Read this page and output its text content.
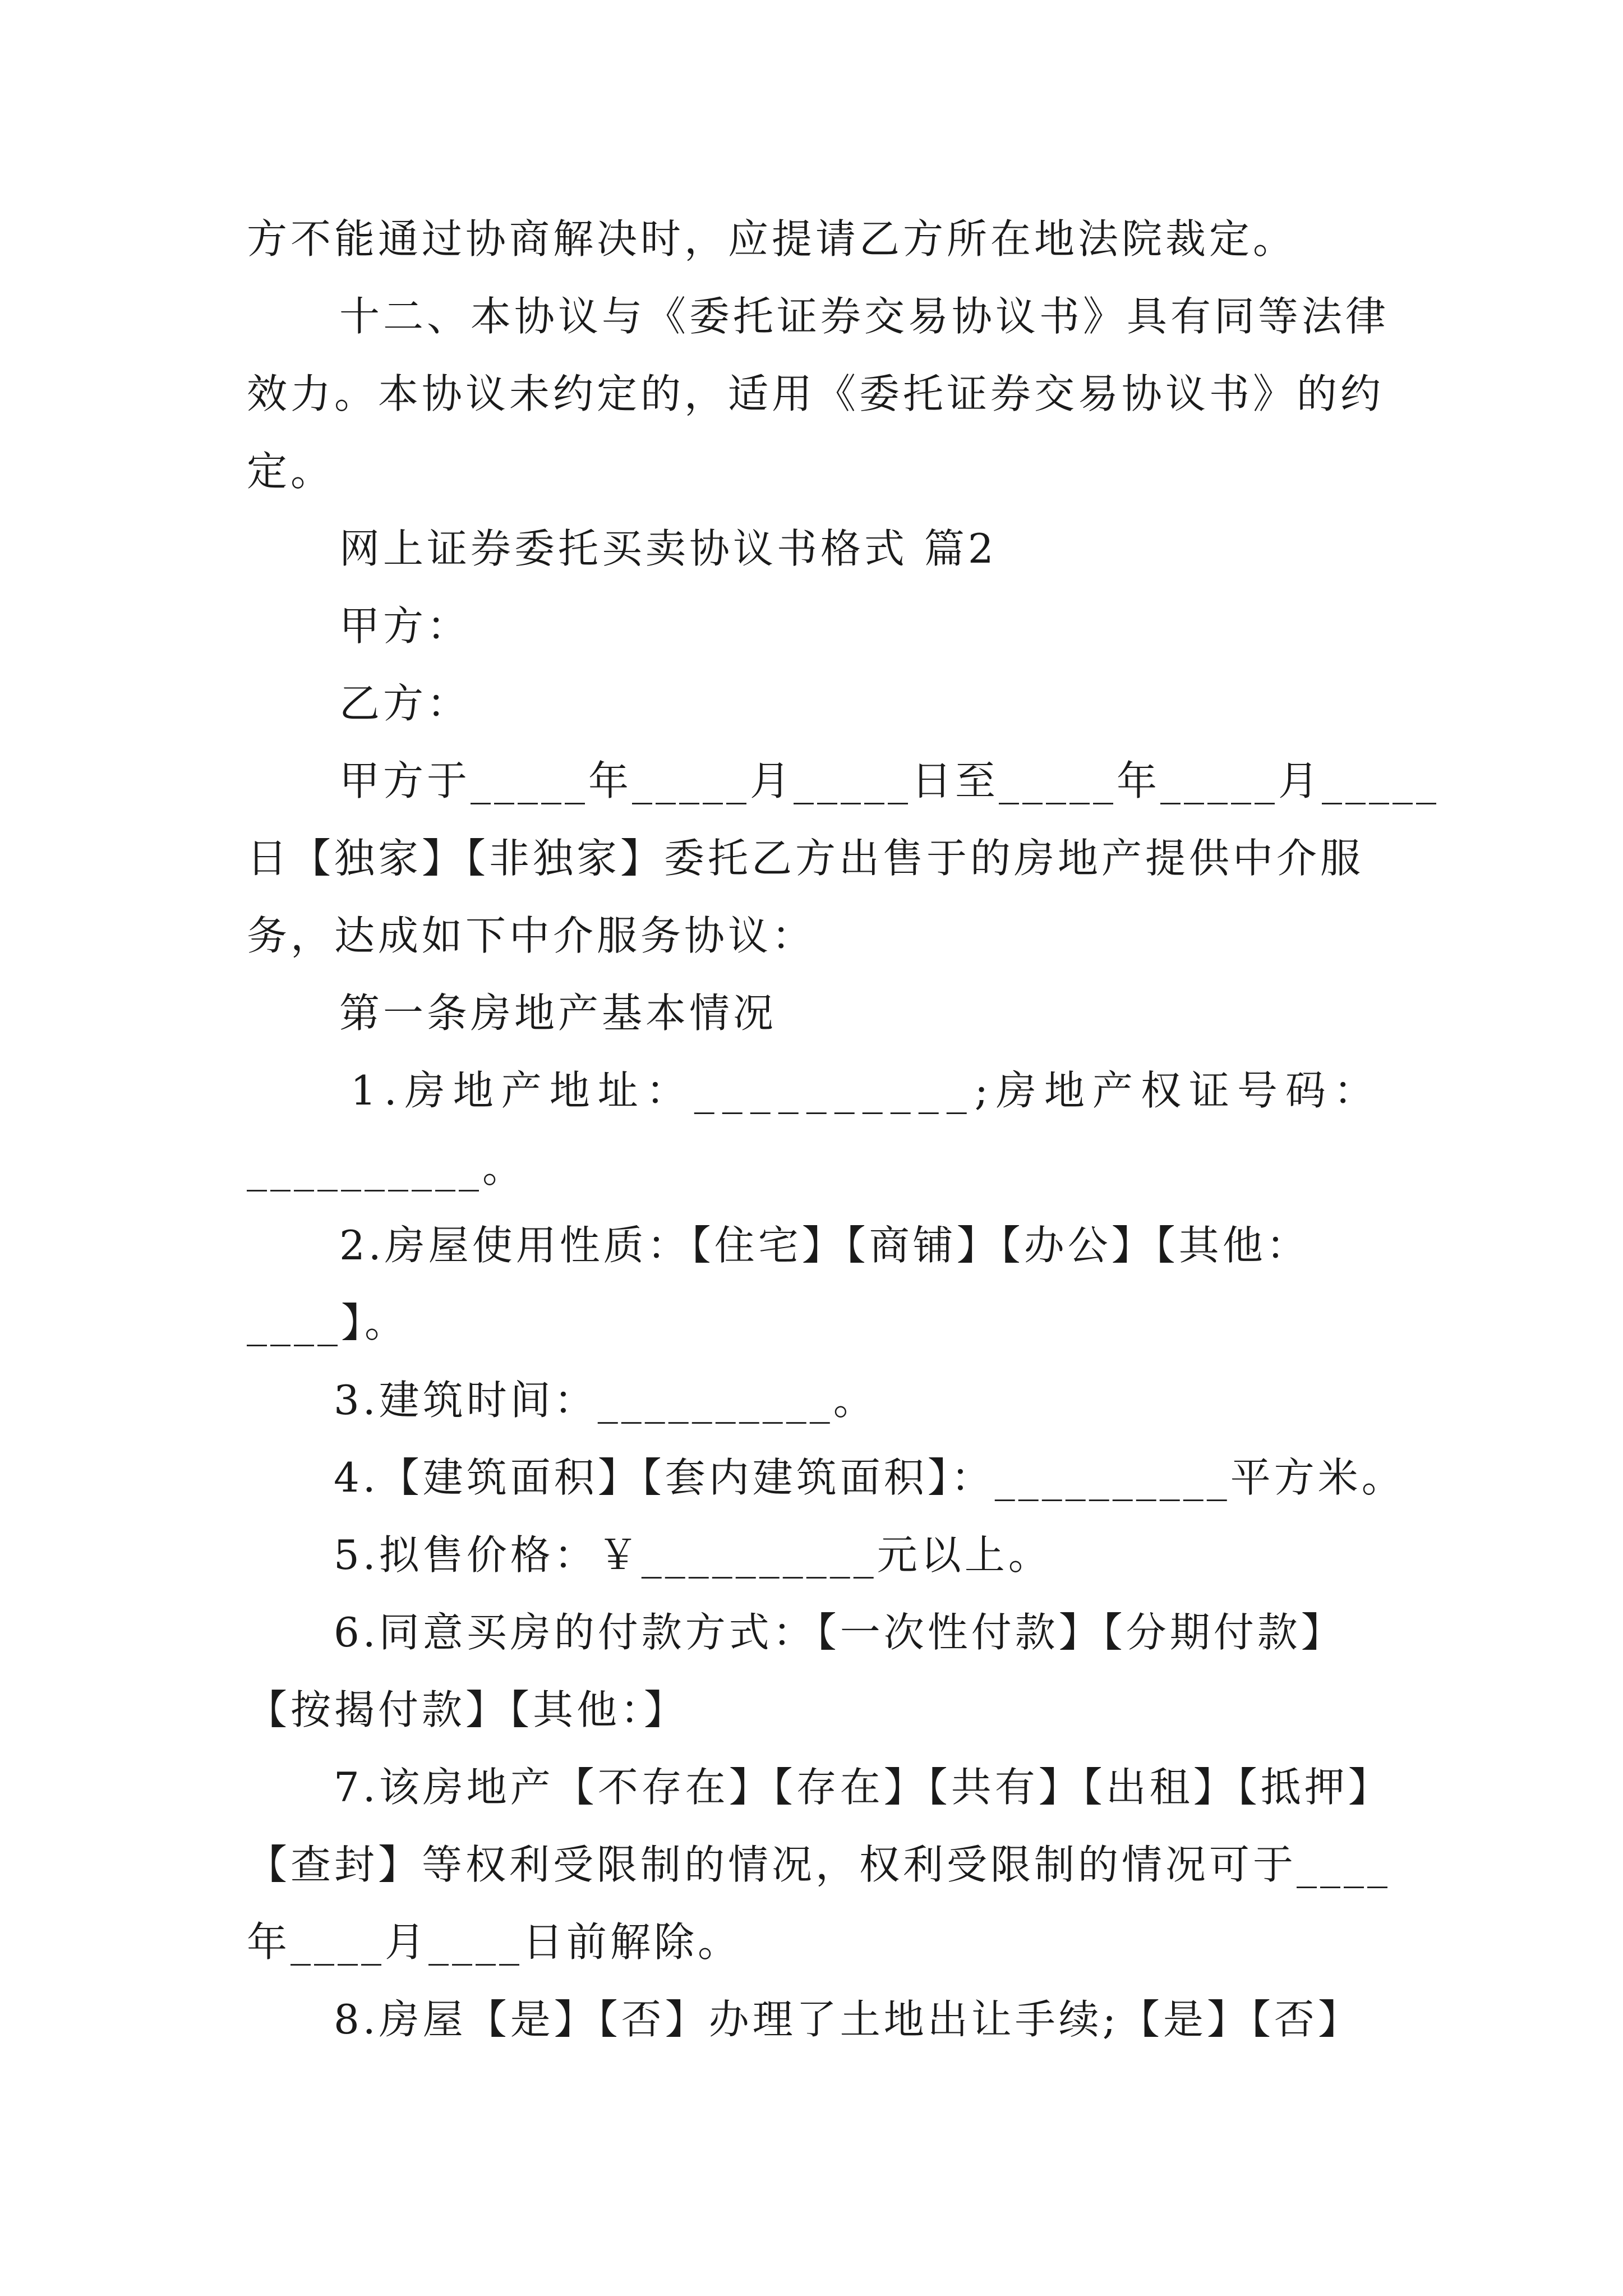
方不能通过协商解决时，应提请乙方所在地法院裁定。
十二、本协议与《委托证券交易协议书》具有同等法律
效力。本协议未约定的，适用《委托证券交易协议书》的约
定。
网上证券委托买卖协议书格式 篇2
甲方：
乙方：
甲方于_____年_____月_____日至_____年_____月_____
日【独家】【非独家】委托乙方出售于的房地产提供中介服
务，达成如下中介服务协议：
第一条房地产基本情况
1.房地产地址：__________;房地产权证号码：
__________。
2.房屋使用性质：【住宅】【商铺】【办公】【其他：
____】。
3.建筑时间：__________。
4.【建筑面积】【套内建筑面积】：__________平方米。
5.拟售价格：￥__________元以上。
6.同意买房的付款方式：【一次性付款】【分期付款】
【按揭付款】【其他：】
7.该房地产【不存在】【存在】【共有】【出租】【抵押】
【查封】等权利受限制的情况，权利受限制的情况可于____
年____月____日前解除。
8.房屋【是】【否】办理了土地出让手续;【是】【否】
